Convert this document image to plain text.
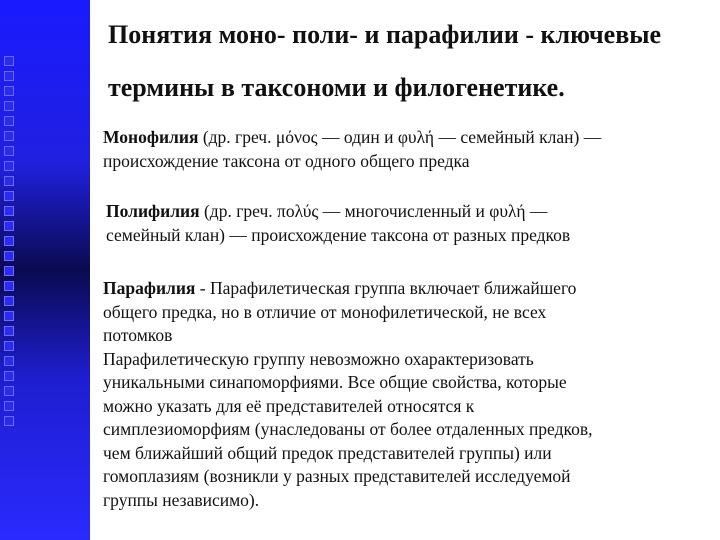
Понятия моно- поли- и парафилии - ключевые
термины в таксономи и филогенетике.
Монофилия (др. греч. μόνος — один и φυλή — семейный клан) —
происхождение таксона от одного общего предка
Полифилия (др. греч. πολύς — многочисленный и φυλή —
семейный клан) — происхождение таксона от разных предков
Парафилия - Парафилетическая группа включает ближайшего
общего предка, но в отличие от монофилетической, не всех
потомков
Парафилетическую группу невозможно охарактеризовать
уникальными синапоморфиями. Все общие свойства, которые
можно указать для её представителей относятся к
симплезиоморфиям (унаследованы от более отдаленных предков,
чем ближайший общий предок представителей группы) или
гомоплазиям (возникли у разных представителей исследуемой
группы независимо).
